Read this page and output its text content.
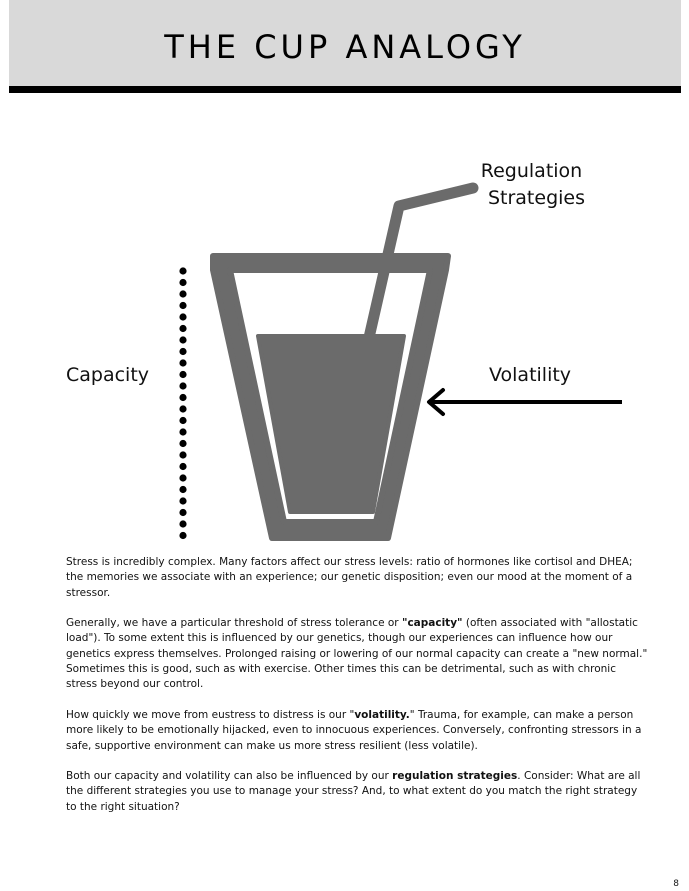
THE CUP ANALOGY
Regulation
Strategies
Capacity	Volatility

Stress is incredibly complex. Many factors affect our stress levels: ratio of hormones like cortisol and DHEA; the memories we associate with an experience; our genetic disposition; even our mood at the moment of a stressor.

Generally, we have a particular threshold of stress tolerance or "capacity" (often associated with "allostatic load"). To some extent this is influenced by our genetics, though our experiences can influence how our genetics express themselves. Prolonged raising or lowering of our normal capacity can create a "new normal." Sometimes this is good, such as with exercise. Other times this can be detrimental, such as with chronic stress beyond our control.

How quickly we move from eustress to distress is our "volatility." Trauma, for example, can make a person more likely to be emotionally hijacked, even to innocuous experiences. Conversely, confronting stressors in a safe, supportive environment can make us more stress resilient (less volatile).

Both our capacity and volatility can also be influenced by our regulation strategies. Consider: What are all the different strategies you use to manage your stress? And, to what extent do you match the right strategy to the right situation?

8
